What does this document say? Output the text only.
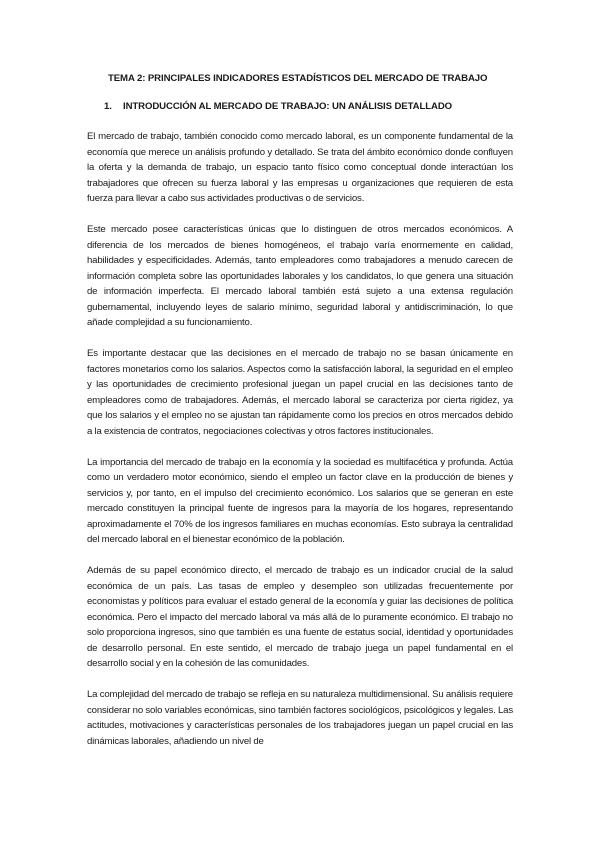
TEMA 2: PRINCIPALES INDICADORES ESTADÍSTICOS DEL MERCADO DE TRABAJO
1. INTRODUCCIÓN AL MERCADO DE TRABAJO: UN ANÁLISIS DETALLADO

El mercado de trabajo, también conocido como mercado laboral, es un componente fundamental de la economía que merece un análisis profundo y detallado. Se trata del ámbito económico donde confluyen la oferta y la demanda de trabajo, un espacio tanto físico como conceptual donde interactúan los trabajadores que ofrecen su fuerza laboral y las empresas u organizaciones que requieren de esta fuerza para llevar a cabo sus actividades productivas o de servicios.

Este mercado posee características únicas que lo distinguen de otros mercados económicos. A diferencia de los mercados de bienes homogéneos, el trabajo varía enormemente en calidad, habilidades y especificidades. Además, tanto empleadores como trabajadores a menudo carecen de información completa sobre las oportunidades laborales y los candidatos, lo que genera una situación de información imperfecta. El mercado laboral también está sujeto a una extensa regulación gubernamental, incluyendo leyes de salario mínimo, seguridad laboral y antidiscriminación, lo que añade complejidad a su funcionamiento.

Es importante destacar que las decisiones en el mercado de trabajo no se basan únicamente en factores monetarios como los salarios. Aspectos como la satisfacción laboral, la seguridad en el empleo y las oportunidades de crecimiento profesional juegan un papel crucial en las decisiones tanto de empleadores como de trabajadores. Además, el mercado laboral se caracteriza por cierta rigidez, ya que los salarios y el empleo no se ajustan tan rápidamente como los precios en otros mercados debido a la existencia de contratos, negociaciones colectivas y otros factores institucionales.

La importancia del mercado de trabajo en la economía y la sociedad es multifacética y profunda. Actúa como un verdadero motor económico, siendo el empleo un factor clave en la producción de bienes y servicios y, por tanto, en el impulso del crecimiento económico. Los salarios que se generan en este mercado constituyen la principal fuente de ingresos para la mayoría de los hogares, representando aproximadamente el 70% de los ingresos familiares en muchas economías. Esto subraya la centralidad del mercado laboral en el bienestar económico de la población.

Además de su papel económico directo, el mercado de trabajo es un indicador crucial de la salud económica de un país. Las tasas de empleo y desempleo son utilizadas frecuentemente por economistas y políticos para evaluar el estado general de la economía y guiar las decisiones de política económica. Pero el impacto del mercado laboral va más allá de lo puramente económico. El trabajo no solo proporciona ingresos, sino que también es una fuente de estatus social, identidad y oportunidades de desarrollo personal. En este sentido, el mercado de trabajo juega un papel fundamental en el desarrollo social y en la cohesión de las comunidades.

La complejidad del mercado de trabajo se refleja en su naturaleza multidimensional. Su análisis requiere considerar no solo variables económicas, sino también factores sociológicos, psicológicos y legales. Las actitudes, motivaciones y características personales de los trabajadores juegan un papel crucial en las dinámicas laborales, añadiendo un nivel de
